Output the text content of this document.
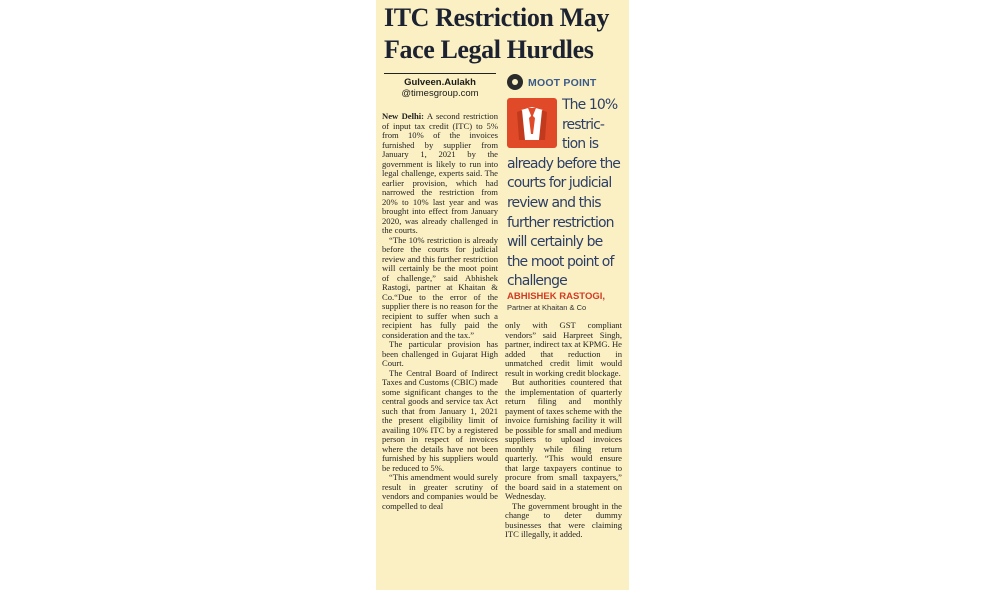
ITC Restriction May
Face Legal Hurdles
Gulveen.Aulakh
@timesgroup.com

New Delhi: A second restriction of input tax credit (ITC) to 5% from 10% of the invoices furnished by supplier from January 1, 2021 by the government is likely to run into legal challenge, experts said. The earlier provision, which had narrowed the restriction from 20% to 10% last year and was brought into effect from January 2020, was already challenged in the courts.

“The 10% restriction is already before the courts for judicial review and this further restriction will certainly be the moot point of challenge,” said Abhishek Rastogi, partner at Khaitan & Co.“Due to the error of the supplier there is no reason for the recipient to suffer when such a recipient has fully paid the consideration and the tax.”

The particular provision has been challenged in Gujarat High Court.

The Central Board of Indirect Taxes and Customs (CBIC) made some significant changes to the central goods and service tax Act such that from January 1, 2021 the present eligibility limit of availing 10% ITC by a registered person in respect of invoices where the details have not been furnished by his suppliers would be reduced to 5%.

“This amendment would surely result in greater scrutiny of vendors and companies would be compelled to deal

MOOT POINT
The 10%
restric-
tion is
already before the
courts for judicial
review and this
further restriction
will certainly be
the moot point of
challenge
ABHISHEK RASTOGI,
Partner at Khaitan & Co

only with GST compliant vendors” said Harpreet Singh, partner, indirect tax at KPMG. He added that reduction in unmatched credit limit would result in working credit blockage.

But authorities countered that the implementation of quarterly return filing and monthly payment of taxes scheme with the invoice furnishing facility it will be possible for small and medium suppliers to upload invoices monthly while filing return quarterly. “This would ensure that large taxpayers continue to procure from small taxpayers,” the board said in a statement on Wednesday.

The government brought in the change to deter dummy businesses that were claiming ITC illegally, it added.
